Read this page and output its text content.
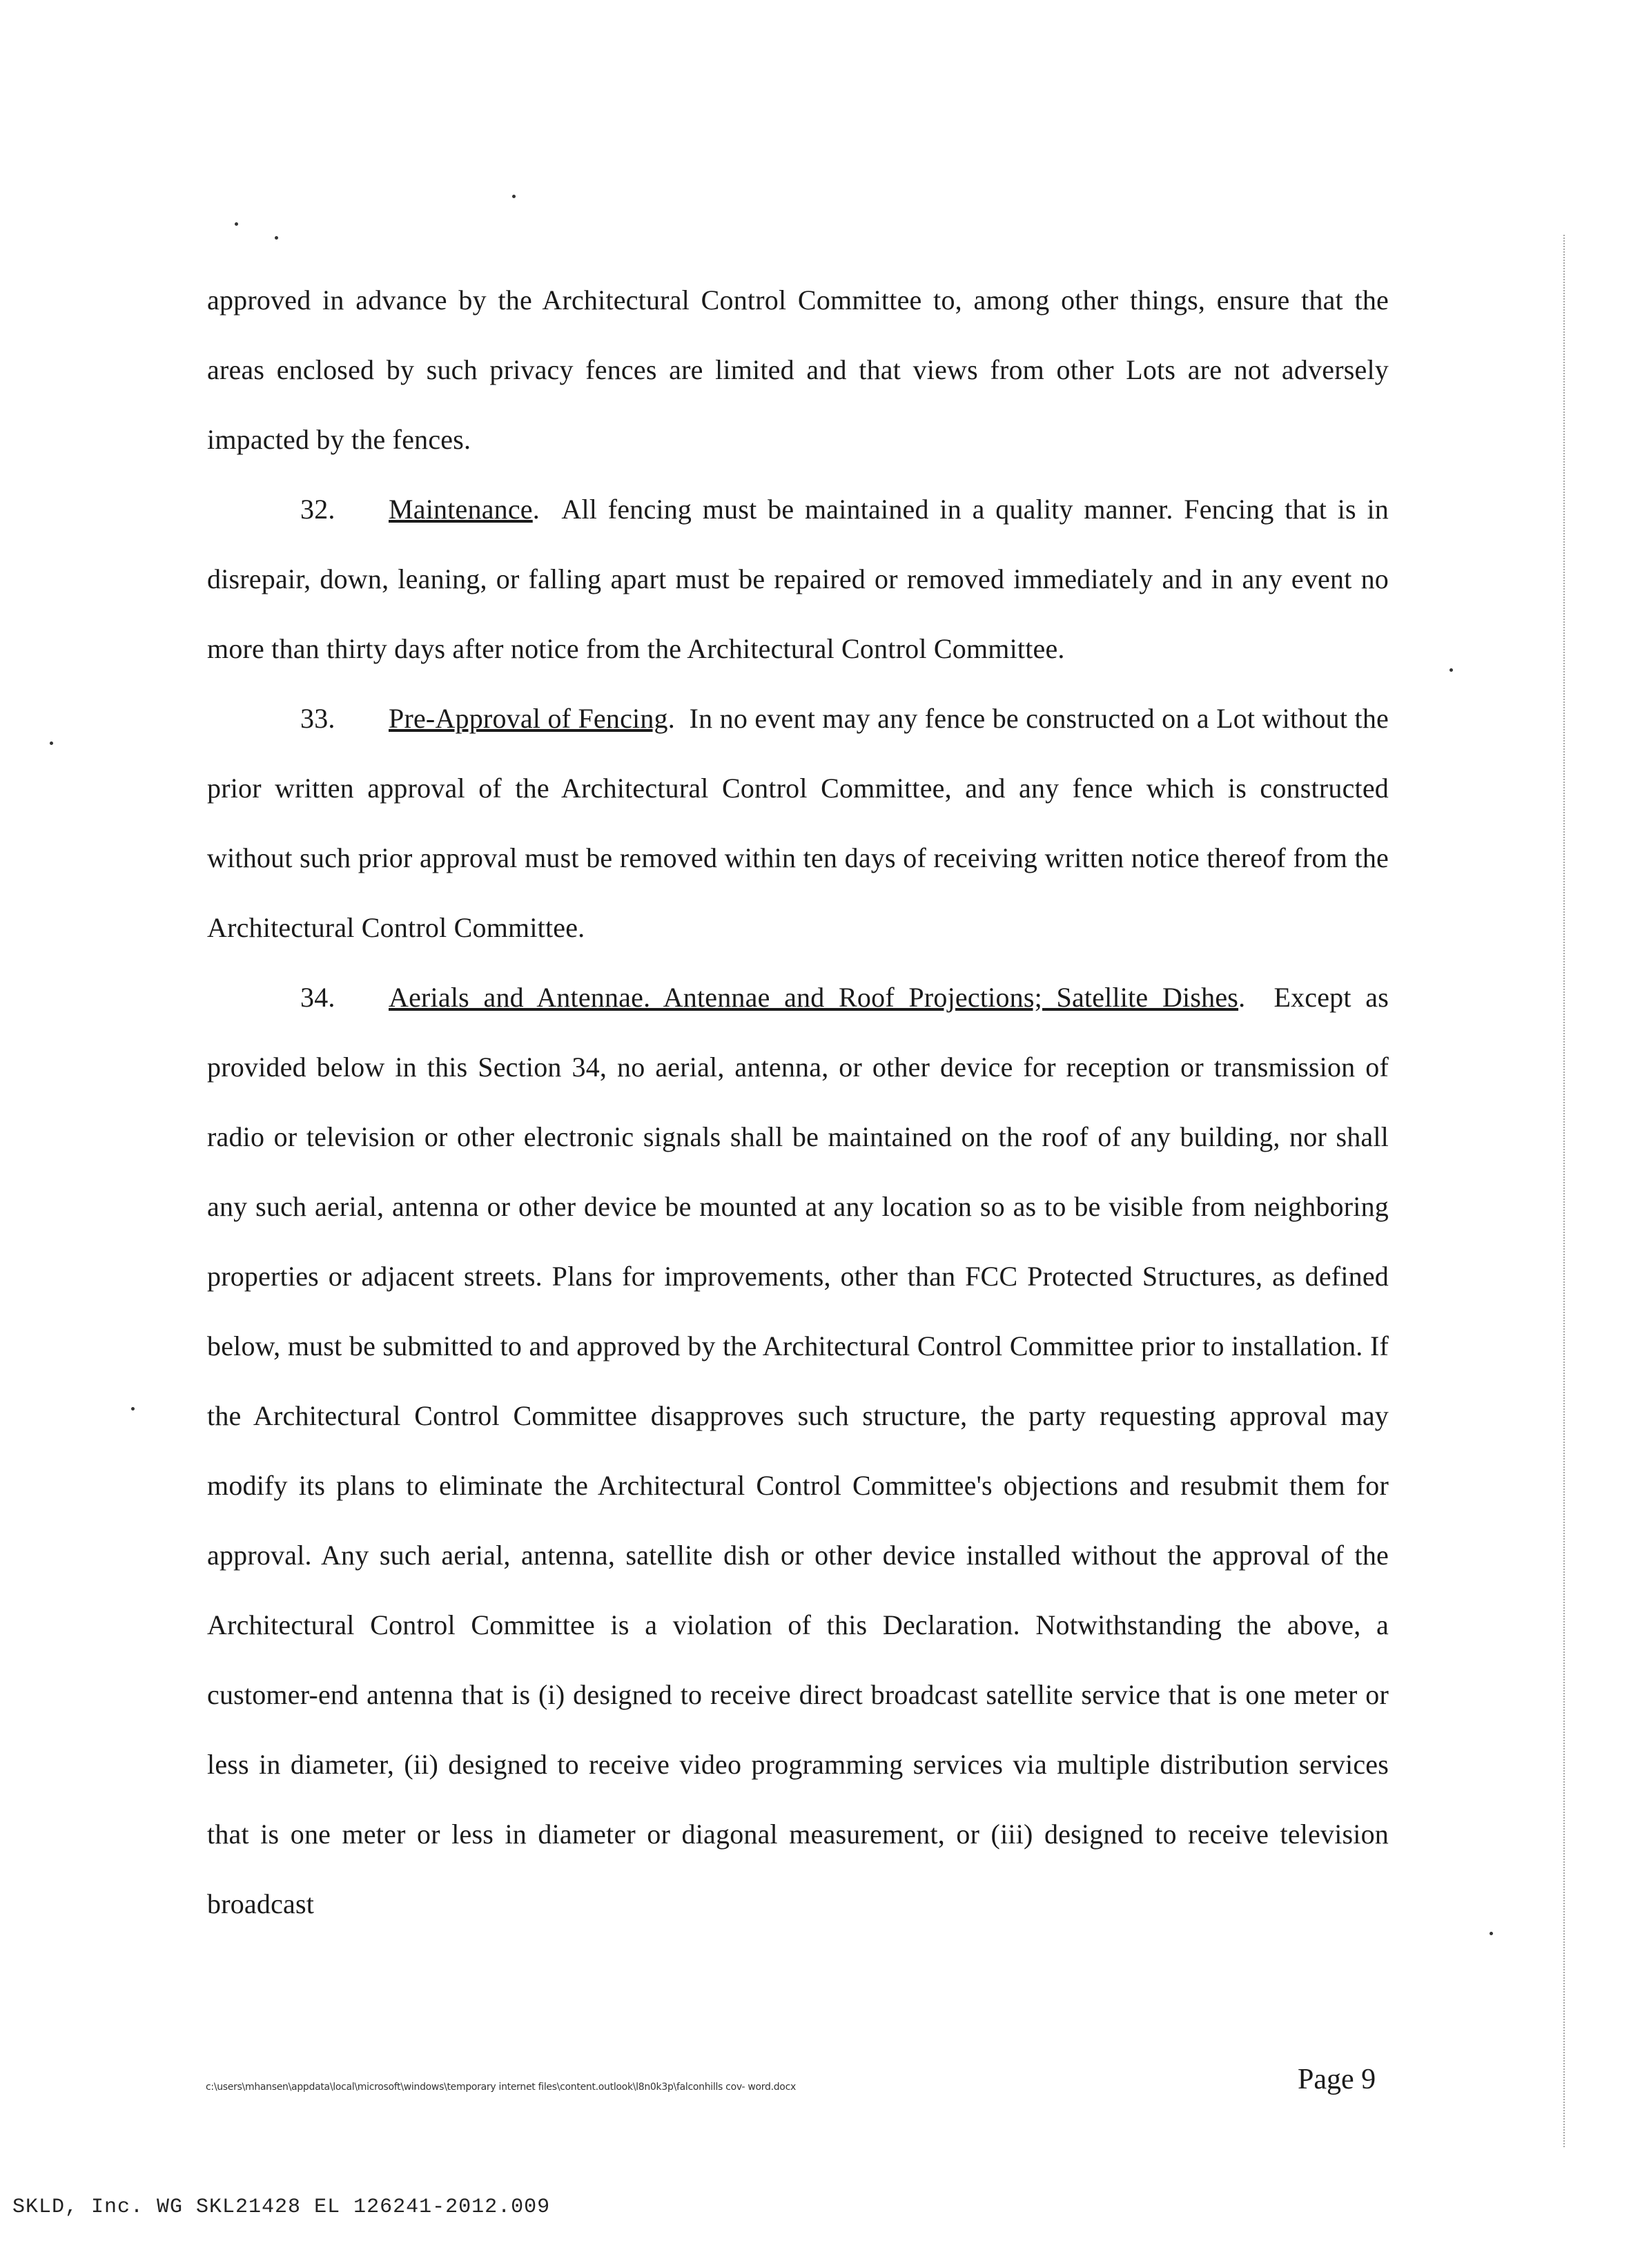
approved in advance by the Architectural Control Committee to, among other things, ensure that the areas enclosed by such privacy fences are limited and that views from other Lots are not adversely impacted by the fences.

32. Maintenance.  All fencing must be maintained in a quality manner. Fencing that is in disrepair, down, leaning, or falling apart must be repaired or removed immediately and in any event no more than thirty days after notice from the Architectural Control Committee.

33. Pre-Approval of Fencing.  In no event may any fence be constructed on a Lot without the prior written approval of the Architectural Control Committee, and any fence which is constructed without such prior approval must be removed within ten days of receiving written notice thereof from the Architectural Control Committee.

34. Aerials and Antennae. Antennae and Roof Projections; Satellite Dishes.  Except as provided below in this Section 34, no aerial, antenna, or other device for reception or transmission of radio or television or other electronic signals shall be maintained on the roof of any building, nor shall any such aerial, antenna or other device be mounted at any location so as to be visible from neighboring properties or adjacent streets. Plans for improvements, other than FCC Protected Structures, as defined below, must be submitted to and approved by the Architectural Control Committee prior to installation. If the Architectural Control Committee disapproves such structure, the party requesting approval may modify its plans to eliminate the Architectural Control Committee's objections and resubmit them for approval. Any such aerial, antenna, satellite dish or other device installed without the approval of the Architectural Control Committee is a violation of this Declaration. Notwithstanding the above, a customer-end antenna that is (i) designed to receive direct broadcast satellite service that is one meter or less in diameter, (ii) designed to receive video programming services via multiple distribution services that is one meter or less in diameter or diagonal measurement, or (iii) designed to receive television broadcast

c:\users\mhansen\appdata\local\microsoft\windows\temporary internet files\content.outlook\l8n0k3p\falconhills cov- word.docx	Page 9
SKLD, Inc. WG SKL21428 EL 126241-2012.009
